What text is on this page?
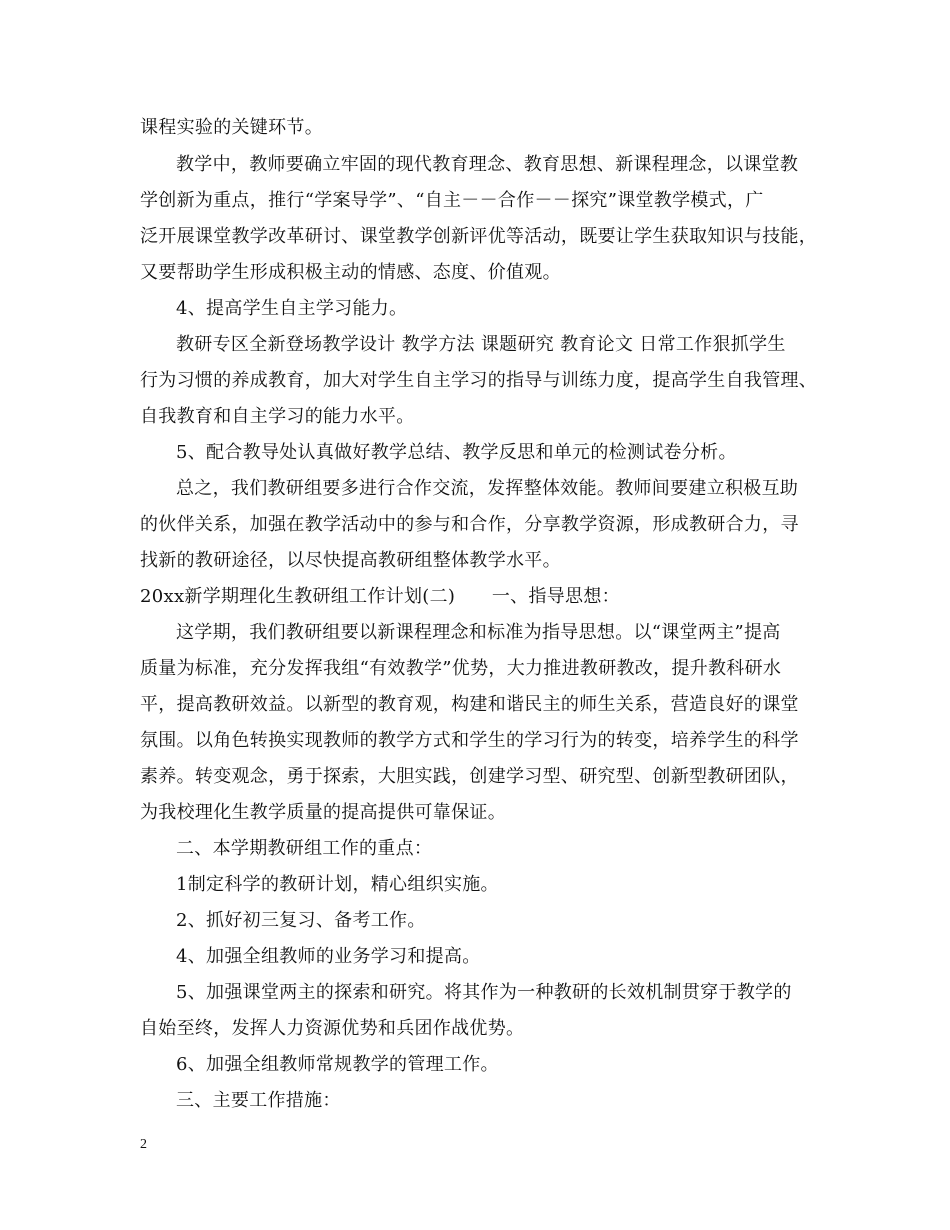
课程实验的关键环节。
教学中，教师要确立牢固的现代教育理念、教育思想、新课程理念，以课堂教
学创新为重点，推行“学案导学”、“自主－－合作－－探究”课堂教学模式，广
泛开展课堂教学改革研讨、课堂教学创新评优等活动，既要让学生获取知识与技能，
又要帮助学生形成积极主动的情感、态度、价值观。
4、提高学生自主学习能力。
教研专区全新登场教学设计 教学方法 课题研究 教育论文 日常工作狠抓学生
行为习惯的养成教育，加大对学生自主学习的指导与训练力度，提高学生自我管理、
自我教育和自主学习的能力水平。
5、配合教导处认真做好教学总结、教学反思和单元的检测试卷分析。
总之，我们教研组要多进行合作交流，发挥整体效能。教师间要建立积极互助
的伙伴关系，加强在教学活动中的参与和合作，分享教学资源，形成教研合力，寻
找新的教研途径，以尽快提高教研组整体教学水平。
20xx新学期理化生教研组工作计划(二)　　一、指导思想：
这学期，我们教研组要以新课程理念和标准为指导思想。以“课堂两主”提高
质量为标准，充分发挥我组“有效教学”优势，大力推进教研教改，提升教科研水
平，提高教研效益。以新型的教育观，构建和谐民主的师生关系，营造良好的课堂
氛围。以角色转换实现教师的教学方式和学生的学习行为的转变，培养学生的科学
素养。转变观念，勇于探索，大胆实践，创建学习型、研究型、创新型教研团队，
为我校理化生教学质量的提高提供可靠保证。
二、本学期教研组工作的重点：
1制定科学的教研计划，精心组织实施。
2、抓好初三复习、备考工作。
4、加强全组教师的业务学习和提高。
5、加强课堂两主的探索和研究。将其作为一种教研的长效机制贯穿于教学的
自始至终，发挥人力资源优势和兵团作战优势。
6、加强全组教师常规教学的管理工作。
三、主要工作措施：
2
